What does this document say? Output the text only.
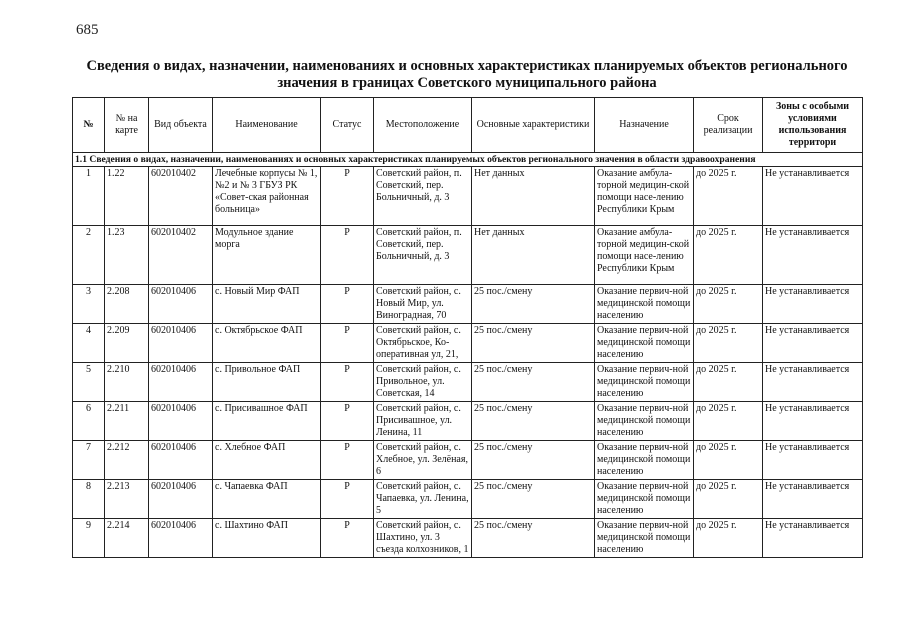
685
Сведения о видах, назначении, наименованиях и основных характеристиках планируемых объектов регионального значения в границах Советского муниципального района
№	№ на карте	Вид объекта	Наименование	Статус	Местоположение	Основные характеристики	Назначение	Срок реализации	Зоны с особыми условиями использования территори
1.1 Сведения о видах, назначении, наименованиях и основных характеристиках планируемых объектов регионального значения в области здравоохранения									
1	1.22	602010402	Лечебные корпусы № 1, №2 и № 3 ГБУЗ РК «Совет-ская районная больница»	Р	Советский район, п. Советский, пер. Больничный, д. 3	Нет данных	Оказание амбула-торной медицин-ской помощи насе-лению Республики Крым	до 2025 г.	Не устанавливается
2	1.23	602010402	Модульное здание морга	Р	Советский район, п. Советский, пер. Больничный, д. 3	Нет данных	Оказание амбула-торной медицин-ской помощи насе-лению Республики Крым	до 2025 г.	Не устанавливается
3	2.208	602010406	с. Новый Мир ФАП	Р	Советский район, с. Новый Мир, ул. Виноградная, 70	25 пос./смену	Оказание первич-ной медицинской помощи населению	до 2025 г.	Не устанавливается
4	2.209	602010406	с. Октябрьское ФАП	Р	Советский район, с. Октябрьское, Ко-оперативная ул, 21,	25 пос./смену	Оказание первич-ной медицинской помощи населению	до 2025 г.	Не устанавливается
5	2.210	602010406	с. Привольное ФАП	Р	Советский район, с. Привольное, ул. Советская, 14	25 пос./смену	Оказание первич-ной медицинской помощи населению	до 2025 г.	Не устанавливается
6	2.211	602010406	с. Присивашное ФАП	Р	Советский район, с. Присивашное, ул. Ленина, 11	25 пос./смену	Оказание первич-ной медицинской помощи населению	до 2025 г.	Не устанавливается
7	2.212	602010406	с. Хлебное ФАП	Р	Советский район, с. Хлебное, ул. Зелёная, 6	25 пос./смену	Оказание первич-ной медицинской помощи населению	до 2025 г.	Не устанавливается
8	2.213	602010406	с. Чапаевка ФАП	Р	Советский район, с. Чапаевка, ул. Ленина, 5	25 пос./смену	Оказание первич-ной медицинской помощи населению	до 2025 г.	Не устанавливается
9	2.214	602010406	с. Шахтино ФАП	Р	Советский район, с. Шахтино, ул. 3 съезда колхозников, 1	25 пос./смену	Оказание первич-ной медицинской помощи населению	до 2025 г.	Не устанавливается
